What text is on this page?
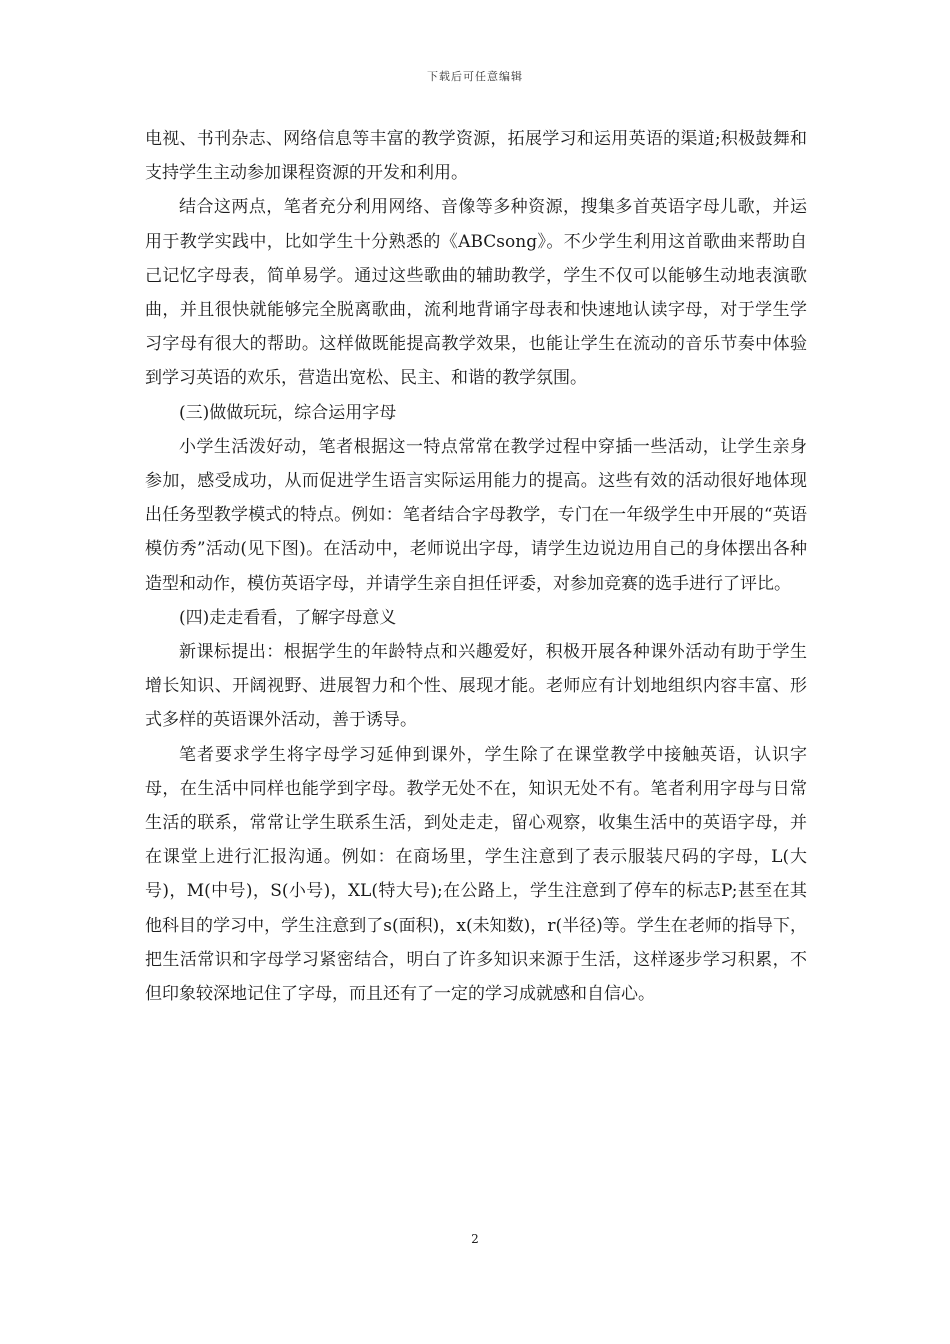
下载后可任意编辑

电视、书刊杂志、网络信息等丰富的教学资源，拓展学习和运用英语的渠道;积极鼓舞和支持学生主动参加课程资源的开发和利用。

结合这两点，笔者充分利用网络、音像等多种资源，搜集多首英语字母儿歌，并运用于教学实践中，比如学生十分熟悉的《ABCsong》。不少学生利用这首歌曲来帮助自己记忆字母表，简单易学。通过这些歌曲的辅助教学，学生不仅可以能够生动地表演歌曲，并且很快就能够完全脱离歌曲，流利地背诵字母表和快速地认读字母，对于学生学习字母有很大的帮助。这样做既能提高教学效果，也能让学生在流动的音乐节奏中体验到学习英语的欢乐，营造出宽松、民主、和谐的教学氛围。

(三)做做玩玩，综合运用字母

小学生活泼好动，笔者根据这一特点常常在教学过程中穿插一些活动，让学生亲身参加，感受成功，从而促进学生语言实际运用能力的提高。这些有效的活动很好地体现出任务型教学模式的特点。例如：笔者结合字母教学，专门在一年级学生中开展的“英语模仿秀”活动(见下图)。在活动中，老师说出字母，请学生边说边用自己的身体摆出各种造型和动作，模仿英语字母，并请学生亲自担任评委，对参加竞赛的选手进行了评比。

(四)走走看看，了解字母意义

新课标提出：根据学生的年龄特点和兴趣爱好，积极开展各种课外活动有助于学生增长知识、开阔视野、进展智力和个性、展现才能。老师应有计划地组织内容丰富、形式多样的英语课外活动，善于诱导。

笔者要求学生将字母学习延伸到课外，学生除了在课堂教学中接触英语，认识字母，在生活中同样也能学到字母。教学无处不在，知识无处不有。笔者利用字母与日常生活的联系，常常让学生联系生活，到处走走，留心观察，收集生活中的英语字母，并在课堂上进行汇报沟通。例如：在商场里，学生注意到了表示服装尺码的字母，L(大号)，M(中号)，S(小号)，XL(特大号);在公路上，学生注意到了停车的标志P;甚至在其他科目的学习中，学生注意到了s(面积)，x(未知数)，r(半径)等。学生在老师的指导下，把生活常识和字母学习紧密结合，明白了许多知识来源于生活，这样逐步学习积累，不但印象较深地记住了字母，而且还有了一定的学习成就感和自信心。

2
